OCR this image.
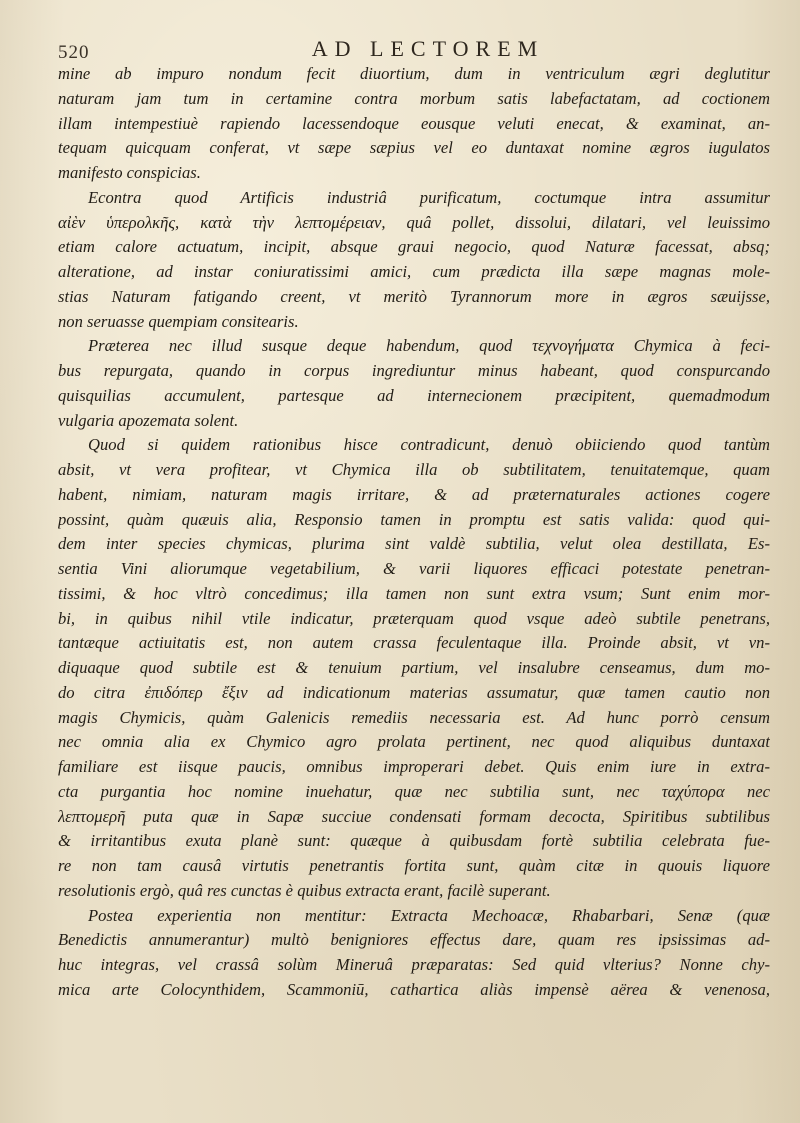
520	AD LECTOREM
mine ab impuro nondum fecit diuortium, dum in ventriculum ægri deglutitur
naturam jam tum in certamine contra morbum satis labefactatam, ad coctionem
illam intempestiuè rapiendo lacessendoque eousque veluti enecat, & examinat, an-
tequam quicquam conferat, vt sæpe sæpius vel eo duntaxat nomine ægros iugulatos
manifesto conspicias.
Econtra quod Artificis industriâ purificatum, coctumque intra assumitur
αἰὲν ὑπερολκῆς, κατὰ τὴν λεπτομέρειαν, quâ pollet, dissolui, dilatari, vel leuissimo
etiam calore actuatum, incipit, absque graui negocio, quod Naturæ facessat, absq;
alteratione, ad instar coniuratissimi amici, cum prædicta illa sæpe magnas mole-
stias Naturam fatigando creent, vt meritò Tyrannorum more in ægros sæuijsse,
non seruasse quempiam consitearis.
Præterea nec illud susque deque habendum, quod τεχνογήματα Chymica à feci-
bus repurgata, quando in corpus ingrediuntur minus habeant, quod conspurcando
quisquilias accumulent, partesque ad internecionem præcipitent, quemadmodum
vulgaria apozemata solent.
Quod si quidem rationibus hisce contradicunt, denuò obiiciendo quod tantùm
absit, vt vera profitear, vt Chymica illa ob subtilitatem, tenuitatemque, quam
habent, nimiam, naturam magis irritare, & ad præternaturales actiones cogere
possint, quàm quæuis alia, Responsio tamen in promptu est satis valida: quod qui-
dem inter species chymicas, plurima sint valdè subtilia, velut olea destillata, Es-
sentia Vini aliorumque vegetabilium, & varii liquores efficaci potestate penetran-
tissimi, & hoc vltrò concedimus; illa tamen non sunt extra vsum; Sunt enim mor-
bi, in quibus nihil vtile indicatur, præterquam quod vsque adeò subtile penetrans,
tantæque actiuitatis est, non autem crassa feculentaque illa. Proinde absit, vt vn-
diquaque quod subtile est & tenuium partium, vel insalubre censeamus, dum mo-
do citra ἐπιδόπερ ἔξιν ad indicationum materias assumatur, quæ tamen cautio non
magis Chymicis, quàm Galenicis remediis necessaria est. Ad hunc porrò censum
nec omnia alia ex Chymico agro prolata pertinent, nec quod aliquibus duntaxat
familiare est iisque paucis, omnibus improperari debet. Quis enim iure in extra-
cta purgantia hoc nomine inuehatur, quæ nec subtilia sunt, nec ταχύπορα nec
λεπτομερῆ puta quæ in Sapæ succiue condensati formam decocta, Spiritibus subtilibus
& irritantibus exuta planè sunt: quæque à quibusdam fortè subtilia celebrata fue-
re non tam causâ virtutis penetrantis fortita sunt, quàm citæ in quouis liquore
resolutionis ergò, quâ res cunctas è quibus extracta erant, facilè superant.
Postea experientia non mentitur: Extracta Mechoacæ, Rhabarbari, Senæ (quæ
Benedictis annumerantur) multò benigniores effectus dare, quam res ipsissimas ad-
huc integras, vel crassâ solùm Mineruâ præparatas: Sed quid vlterius? Nonne chy-
mica arte Colocynthidem, Scammoniū, cathartica aliàs impensè aërea & venenosa,
